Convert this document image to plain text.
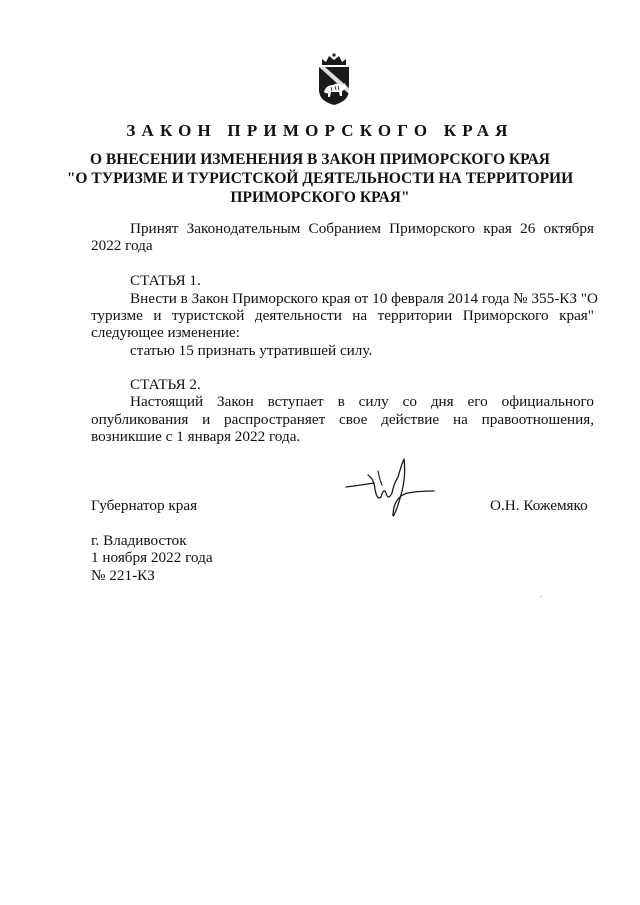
ЗАКОН ПРИМОРСКОГО КРАЯ
О ВНЕСЕНИИ ИЗМЕНЕНИЯ В ЗАКОН ПРИМОРСКОГО КРАЯ
"О ТУРИЗМЕ И ТУРИСТСКОЙ ДЕЯТЕЛЬНОСТИ НА ТЕРРИТОРИИ
ПРИМОРСКОГО КРАЯ"
Принят Законодательным Собранием Приморского края 26 октября
2022 года
СТАТЬЯ 1.
Внести в Закон Приморского края от 10 февраля 2014 года № 355-КЗ "О
туризме и туристской деятельности на территории Приморского края"
следующее изменение:
статью 15 признать утратившей силу.
СТАТЬЯ 2.
Настоящий Закон вступает в силу со дня его официального
опубликования и распространяет свое действие на правоотношения,
возникшие с 1 января 2022 года.
Губернатор края	О.Н. Кожемяко
г. Владивосток
1 ноября 2022 года
№ 221-КЗ
